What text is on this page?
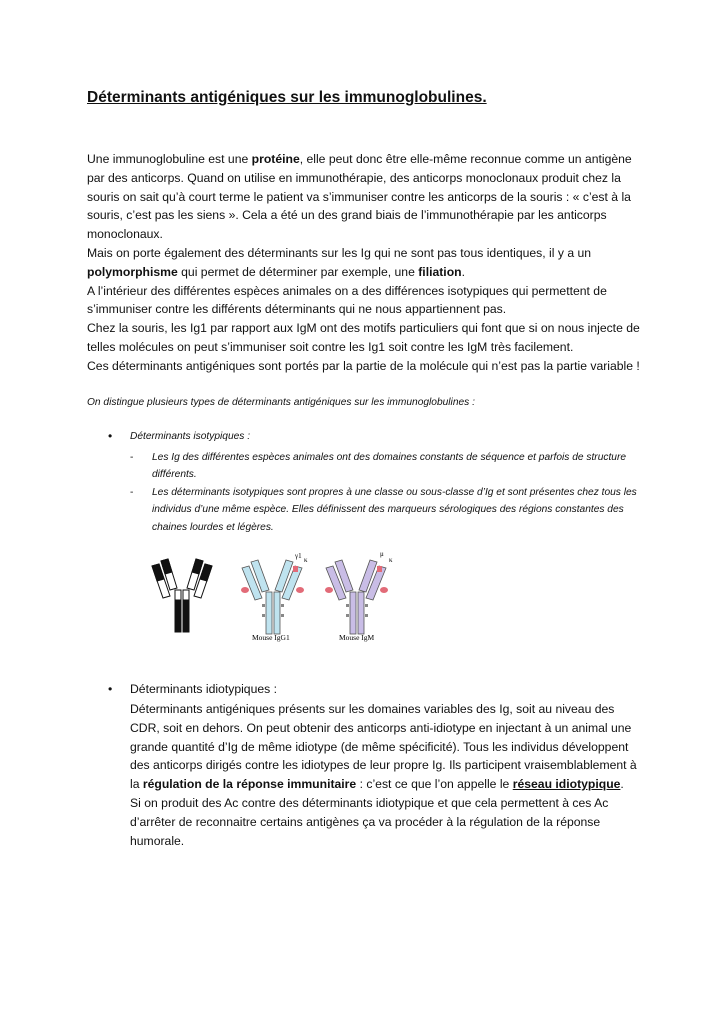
Déterminants antigéniques sur les immunoglobulines.

Une immunoglobuline est une protéine, elle peut donc être elle-même reconnue comme un antigène par des anticorps. Quand on utilise en immunothérapie, des anticorps monoclonaux produit chez la souris on sait qu’à court terme le patient va s’immuniser contre les anticorps de la souris : « c’est à la souris, c’est pas les siens ». Cela a été un des grand biais de l’immunothérapie par les anticorps monoclonaux.

Mais on porte également des déterminants sur les Ig qui ne sont pas tous identiques, il y a un polymorphisme qui permet de déterminer par exemple, une filiation.

A l’intérieur des différentes espèces animales on a des différences isotypiques qui permettent de s’immuniser contre les différents déterminants qui ne nous appartiennent pas.

Chez la souris, les Ig1 par rapport aux IgM ont des motifs particuliers qui font que si on nous injecte de telles molécules on peut s’immuniser soit contre les Ig1 soit contre les IgM très facilement.

Ces déterminants antigéniques sont portés par la partie de la molécule qui n’est pas la partie variable !

On distingue plusieurs types de déterminants antigéniques sur les immunoglobulines :
• Déterminants isotypiques :
- Les Ig des différentes espèces animales ont des domaines constants de séquence et parfois de structure différents.
- Les déterminants isotypiques sont propres à une classe ou sous-classe d’Ig et sont présentes chez tous les individus d’une même espèce. Elles définissent des marqueurs sérologiques des régions constantes des chaines lourdes et légères.
γ1 κ
μ
κ
Mouse IgG1	Mouse IgM
• Déterminants idiotypiques :
Déterminants antigéniques présents sur les domaines variables des Ig, soit au niveau des CDR, soit en dehors. On peut obtenir des anticorps anti-idiotype en injectant à un animal une grande quantité d’Ig de même idiotype (de même spécificité). Tous les individus développent des anticorps dirigés contre les idiotypes de leur propre Ig. Ils participent vraisemblablement à la régulation de la réponse immunitaire : c’est ce que l’on appelle le réseau idiotypique.
Si on produit des Ac contre des déterminants idiotypique et que cela permettent à ces Ac d’arrêter de reconnaitre certains antigènes ça va procéder à la régulation de la réponse humorale.
